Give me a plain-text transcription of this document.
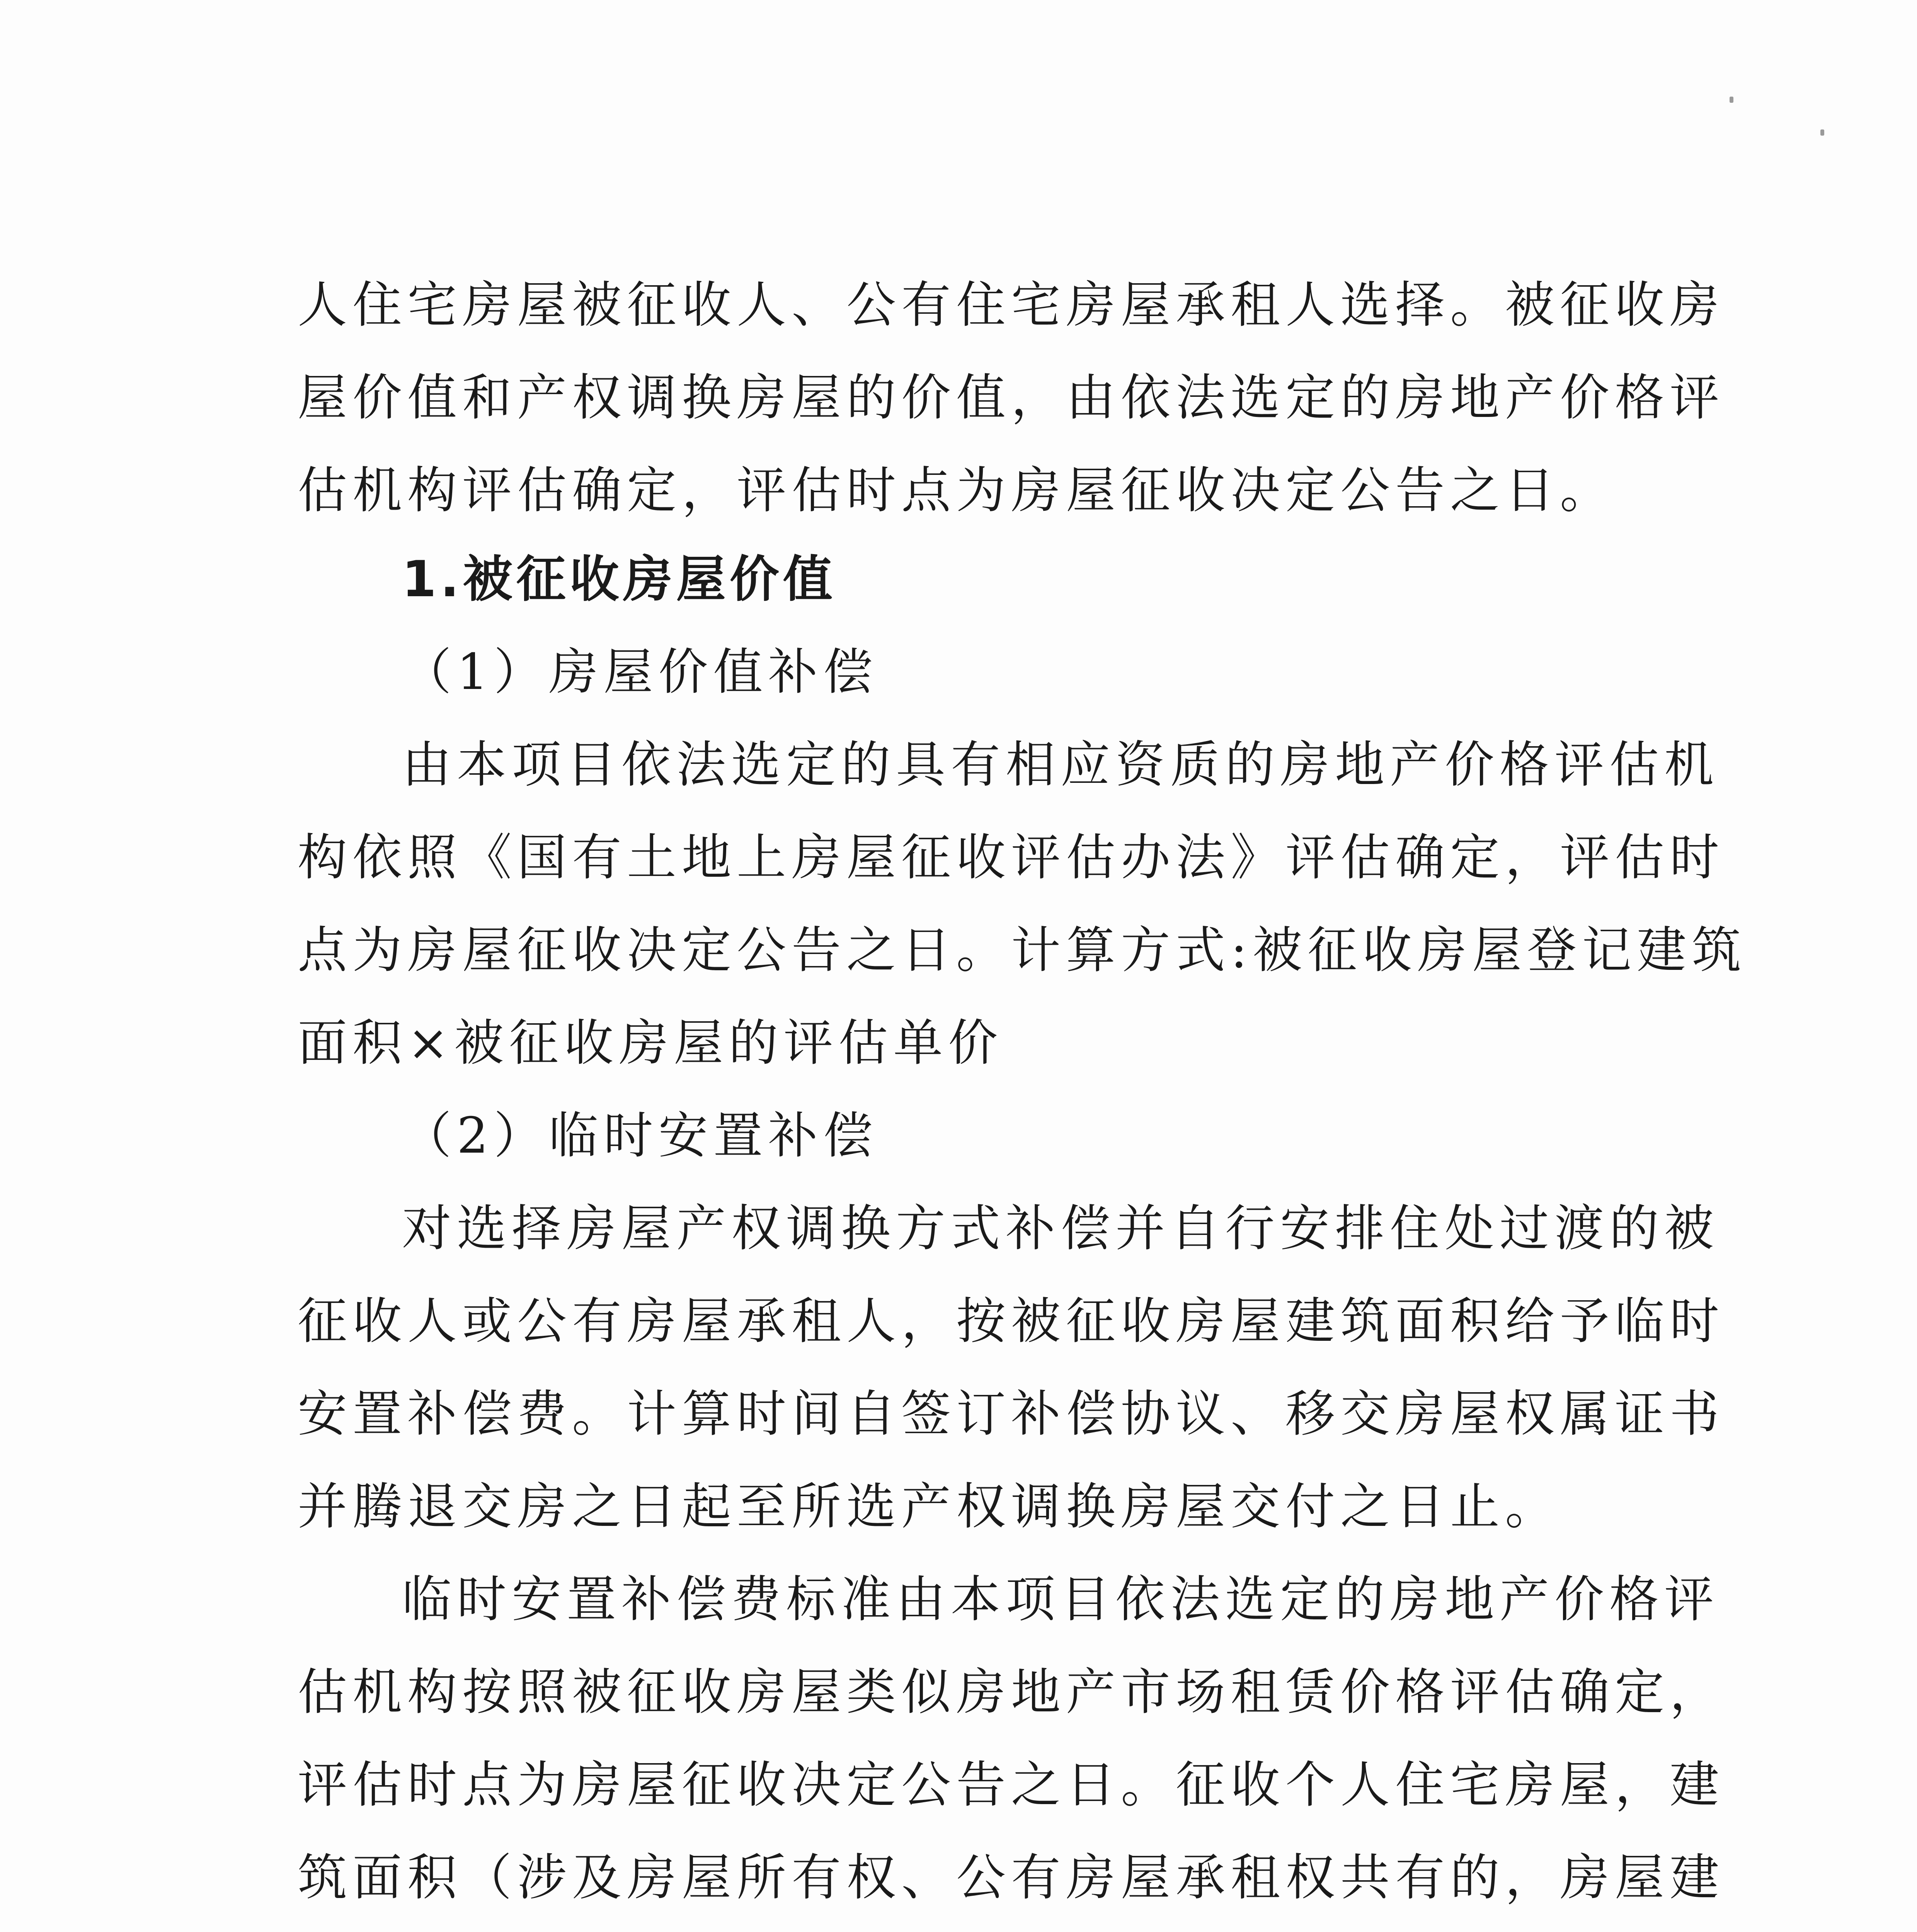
人住宅房屋被征收人、公有住宅房屋承租人选择。被征收房
屋价值和产权调换房屋的价值，由依法选定的房地产价格评
估机构评估确定，评估时点为房屋征收决定公告之日。
1.被征收房屋价值
（1）房屋价值补偿
由本项目依法选定的具有相应资质的房地产价格评估机
构依照《国有土地上房屋征收评估办法》评估确定，评估时
点为房屋征收决定公告之日。计算方式:被征收房屋登记建筑
面积×被征收房屋的评估单价
（2）临时安置补偿
对选择房屋产权调换方式补偿并自行安排住处过渡的被
征收人或公有房屋承租人，按被征收房屋建筑面积给予临时
安置补偿费。计算时间自签订补偿协议、移交房屋权属证书
并腾退交房之日起至所选产权调换房屋交付之日止。
临时安置补偿费标准由本项目依法选定的房地产价格评
估机构按照被征收房屋类似房地产市场租赁价格评估确定，
评估时点为房屋征收决定公告之日。征收个人住宅房屋，建
筑面积（涉及房屋所有权、公有房屋承租权共有的，房屋建
